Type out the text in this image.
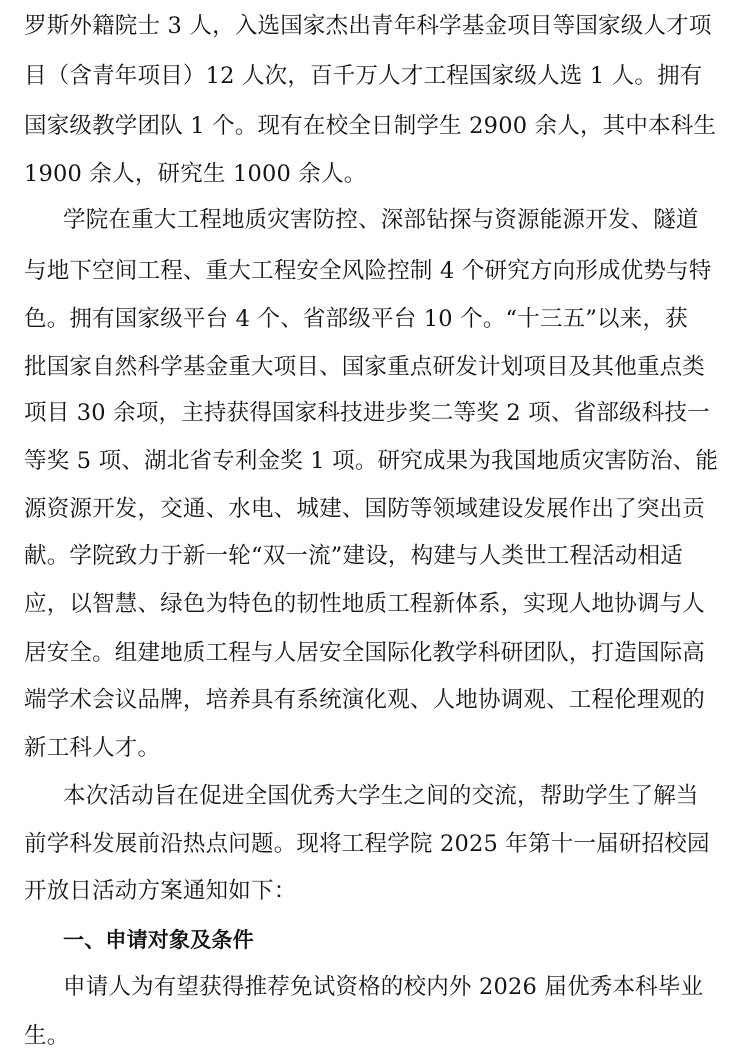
罗斯外籍院士 3 人，入选国家杰出青年科学基金项目等国家级人才项
目（含青年项目）12 人次，百千万人才工程国家级人选 1 人。拥有
国家级教学团队 1 个。现有在校全日制学生 2900 余人，其中本科生
1900 余人，研究生 1000 余人。
学院在重大工程地质灾害防控、深部钻探与资源能源开发、隧道
与地下空间工程、重大工程安全风险控制 4 个研究方向形成优势与特
色。拥有国家级平台 4 个、省部级平台 10 个。“十三五”以来，获
批国家自然科学基金重大项目、国家重点研发计划项目及其他重点类
项目 30 余项，主持获得国家科技进步奖二等奖 2 项、省部级科技一
等奖 5 项、湖北省专利金奖 1 项。研究成果为我国地质灾害防治、能
源资源开发，交通、水电、城建、国防等领域建设发展作出了突出贡
献。学院致力于新一轮“双一流”建设，构建与人类世工程活动相适
应，以智慧、绿色为特色的韧性地质工程新体系，实现人地协调与人
居安全。组建地质工程与人居安全国际化教学科研团队，打造国际高
端学术会议品牌，培养具有系统演化观、人地协调观、工程伦理观的
新工科人才。
本次活动旨在促进全国优秀大学生之间的交流，帮助学生了解当
前学科发展前沿热点问题。现将工程学院 2025 年第十一届研招校园
开放日活动方案通知如下：
一、申请对象及条件
申请人为有望获得推荐免试资格的校内外 2026 届优秀本科毕业
生。
